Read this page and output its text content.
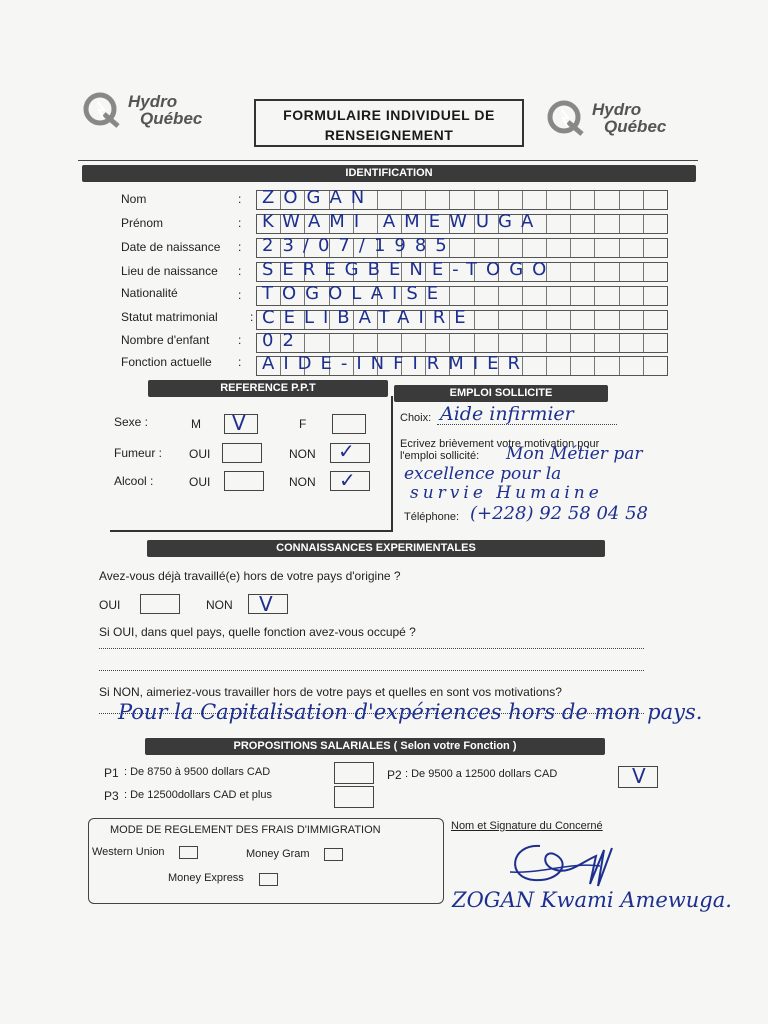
Hydro
Québec	FORMULAIRE INDIVIDUEL DE
RENSEIGNEMENT
Hydro
Québec
IDENTIFICATION
Nom	: ZOGAN
Prénom	: KWAMI AMEWUGA
Date de naissance : 23/07/1985
Lieu de naissance : SEREGBENE-TOGO
Nationalité	: TOGOLAISE
Statut matrimonial	: CELIBATAIRE
Nombre d'enfant : 02
Fonction actuelle : AIDE-INFIRMIER
REFERENCE P.P.T	EMPLOI SOLLICITE
Sexe :	M V	F
Fumeur : OUI	NON ✓
Alcool :	OUI	NON ✓
Choix: Aide infirmier
Ecrivez brièvement votre motivation pour
l'emploi sollicité: Mon Métier par
excellence pour la
survie Humaine
Téléphone: (+228) 92 58 04 58
CONNAISSANCES EXPERIMENTALES
Avez-vous déjà travaillé(e) hors de votre pays d'origine ?
OUI	NON V
Si OUI, dans quel pays, quelle fonction avez-vous occupé ?
Si NON, aimeriez-vous travailler hors de votre pays et quelles en sont vos motivations?
Pour la Capitalisation d'expériences hors de mon pays.
PROPOSITIONS SALARIALES ( Selon votre Fonction )
P1 : De 8750 à 9500 dollars CAD	P2 : De 9500 a 12500 dollars CAD	V
P3 : De 12500dollars CAD et plus
MODE DE REGLEMENT DES FRAIS D'IMMIGRATION
Western Union	Money Gram
Money Express
Nom et Signature du Concerné
ZOGAN Kwami Amewuga.
